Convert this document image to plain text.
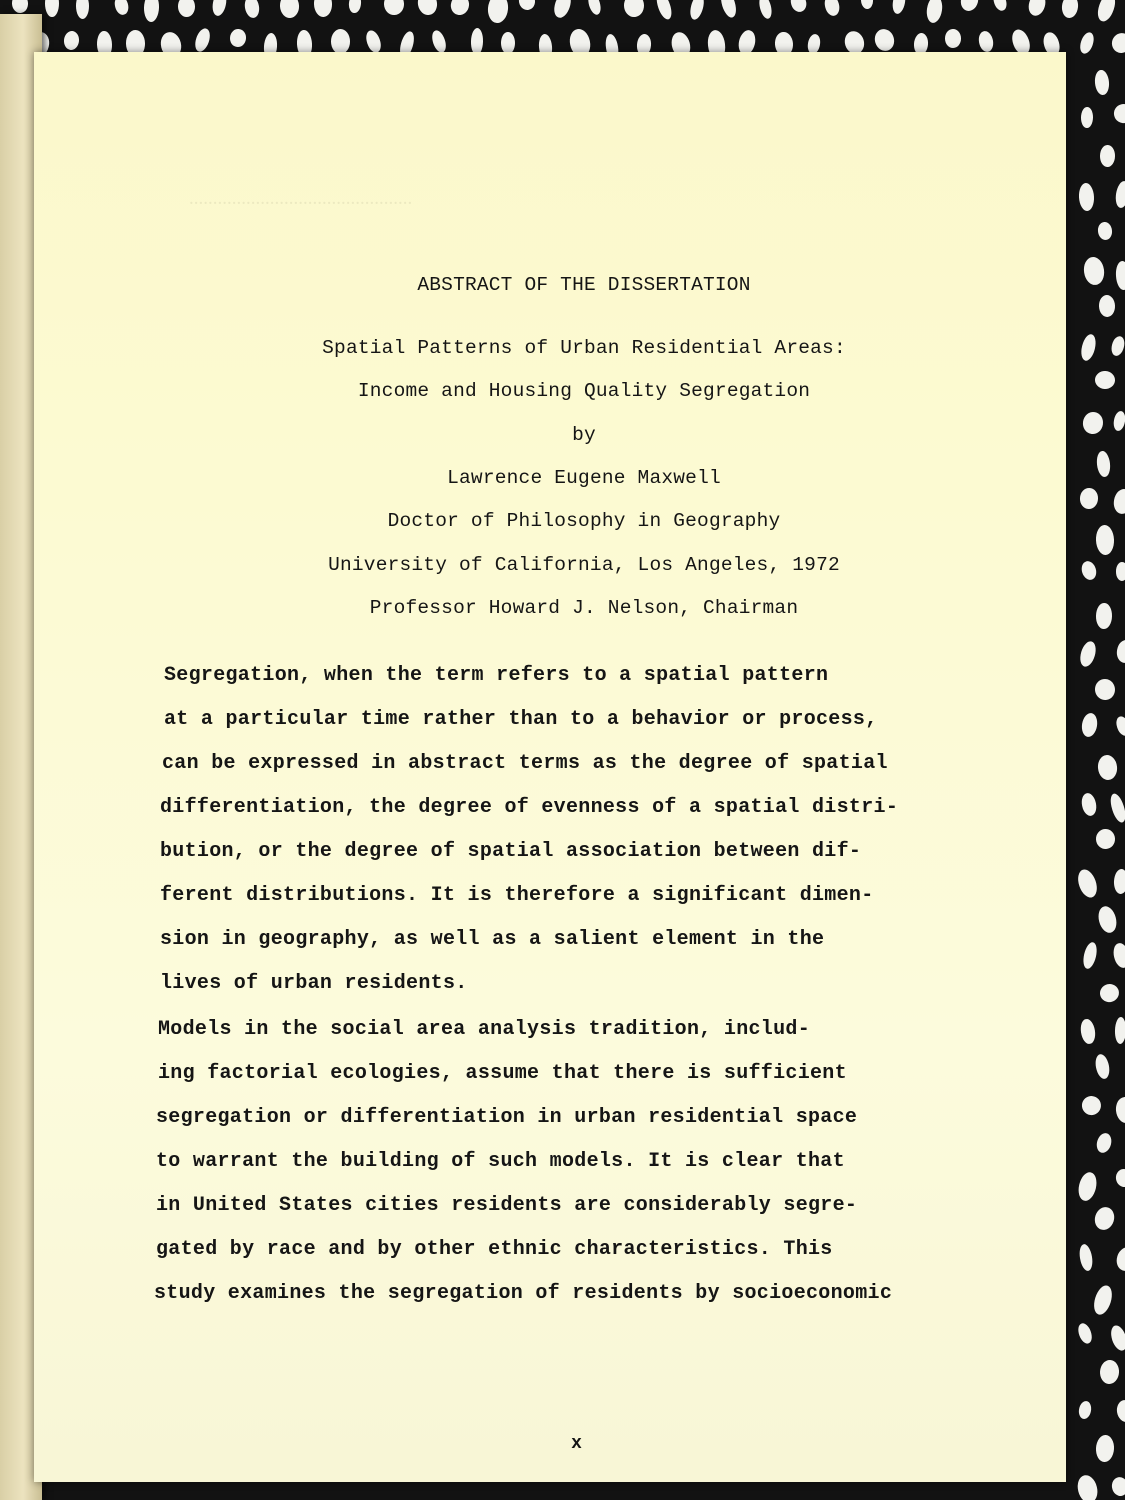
...............................................
ABSTRACT OF THE DISSERTATION
Spatial Patterns of Urban Residential Areas:
Income and Housing Quality Segregation
by
Lawrence Eugene Maxwell
Doctor of Philosophy in Geography
University of California, Los Angeles, 1972
Professor Howard J. Nelson, Chairman
Segregation, when the term refers to a spatial pattern
at a particular time rather than to a behavior or process,
can be expressed in abstract terms as the degree of spatial
differentiation, the degree of evenness of a spatial distri-
bution, or the degree of spatial association between dif-
ferent distributions. It is therefore a significant dimen-
sion in geography, as well as a salient element in the
lives of urban residents.
Models in the social area analysis tradition, includ-
ing factorial ecologies, assume that there is sufficient
segregation or differentiation in urban residential space
to warrant the building of such models. It is clear that
in United States cities residents are considerably segre-
gated by race and by other ethnic characteristics. This
study examines the segregation of residents by socioeconomic
x
